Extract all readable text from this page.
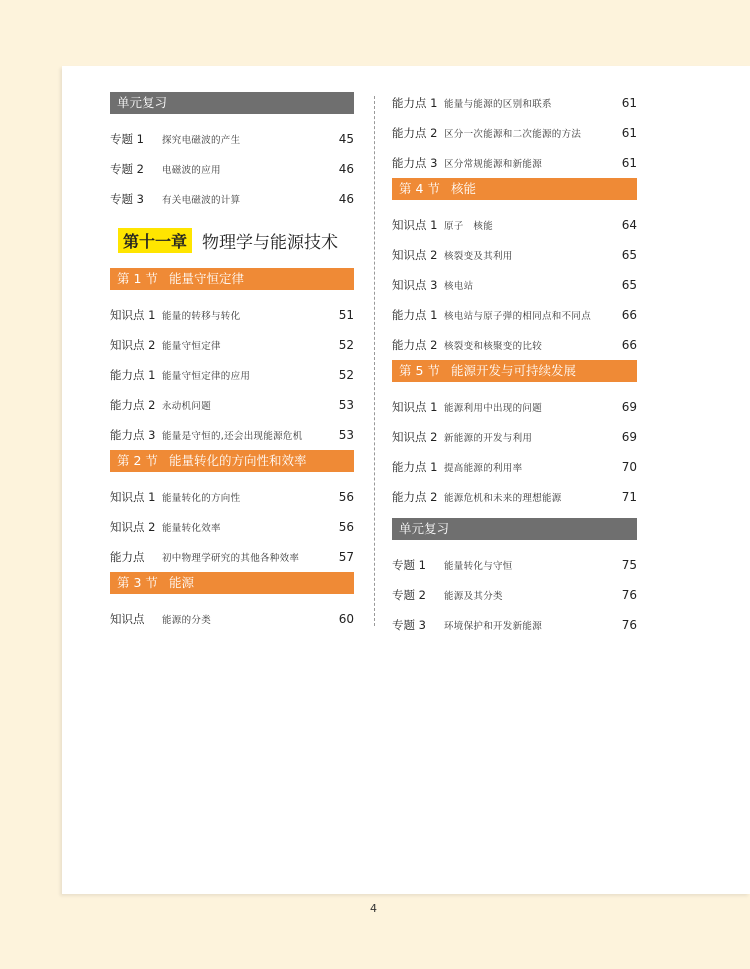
单元复习
专题 1	探究电磁波的产生	45
专题 2	电磁波的应用	46
专题 3	有关电磁波的计算	46
第十一章 物理学与能源技术
第 1 节 能量守恒定律
知识点 1 能量的转移与转化	51
知识点 2 能量守恒定律	52
能力点 1 能量守恒定律的应用	52
能力点 2 永动机问题	53
能力点 3 能量是守恒的,还会出现能源危机	53
第 2 节 能量转化的方向性和效率
知识点 1 能量转化的方向性	56
知识点 2 能量转化效率	56
能力点	初中物理学研究的其他各种效率	57
第 3 节 能源
知识点	能源的分类	60
能力点 1 能量与能源的区别和联系	61
能力点 2 区分一次能源和二次能源的方法	61
能力点 3 区分常规能源和新能源	61
第 4 节 核能
知识点 1 原子　核能	64
知识点 2 核裂变及其利用	65
知识点 3 核电站	65
能力点 1 核电站与原子弹的相同点和不同点	66
能力点 2 核裂变和核聚变的比较	66
第 5 节 能源开发与可持续发展
知识点 1 能源利用中出现的问题	69
知识点 2 新能源的开发与利用	69
能力点 1 提高能源的利用率	70
能力点 2 能源危机和未来的理想能源	71
单元复习
专题 1	能量转化与守恒	75
专题 2	能源及其分类	76
专题 3	环境保护和开发新能源	76
4
